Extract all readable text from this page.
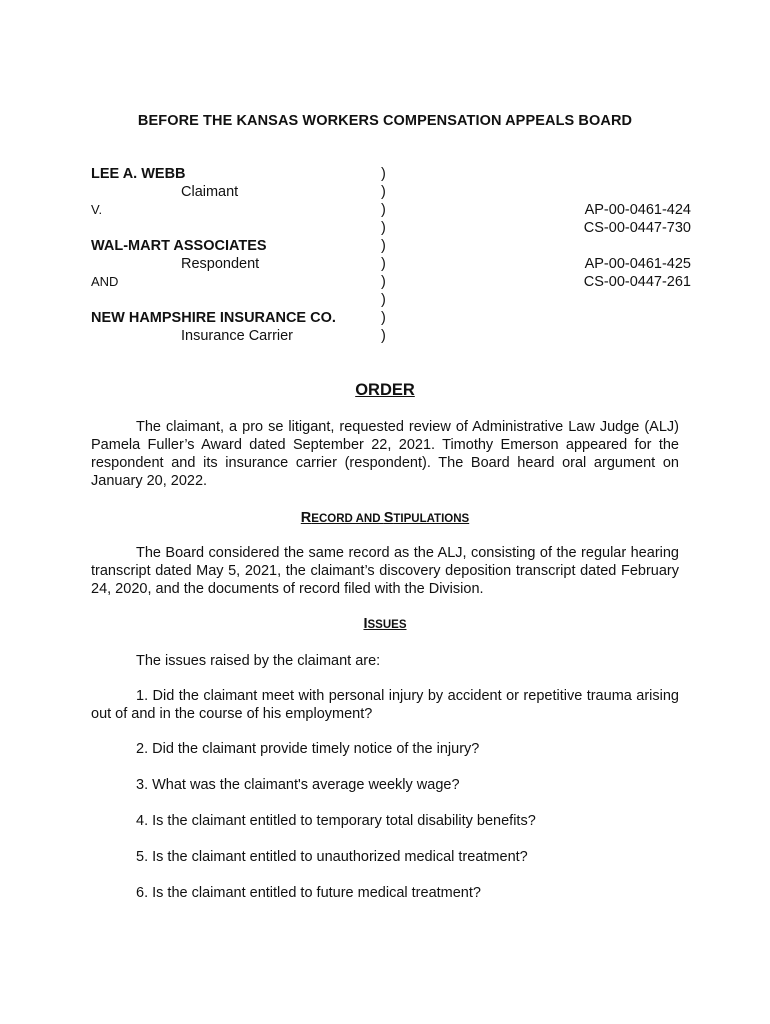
BEFORE THE KANSAS WORKERS COMPENSATION APPEALS BOARD
LEE A. WEBB
Claimant
V.
WAL-MART ASSOCIATES
Respondent
AND
NEW HAMPSHIRE INSURANCE CO.
Insurance Carrier
)
)
)
)
)
)
)
)
)
)
AP-00-0461-424
CS-00-0447-730
AP-00-0461-425
CS-00-0447-261
ORDER
The claimant, a pro se litigant, requested review of Administrative Law Judge (ALJ) Pamela Fuller’s Award dated September 22, 2021. Timothy Emerson appeared for the respondent and its insurance carrier (respondent). The Board heard oral argument on January 20, 2022.
RECORD AND STIPULATIONS
The Board considered the same record as the ALJ, consisting of the regular hearing transcript dated May 5, 2021, the claimant’s discovery deposition transcript dated February 24, 2020, and the documents of record filed with the Division.
ISSUES
The issues raised by the claimant are:
1. Did the claimant meet with personal injury by accident or repetitive trauma arising out of and in the course of his employment?
2. Did the claimant provide timely notice of the injury?
3. What was the claimant's average weekly wage?
4. Is the claimant entitled to temporary total disability benefits?
5. Is the claimant entitled to unauthorized medical treatment?
6. Is the claimant entitled to future medical treatment?
